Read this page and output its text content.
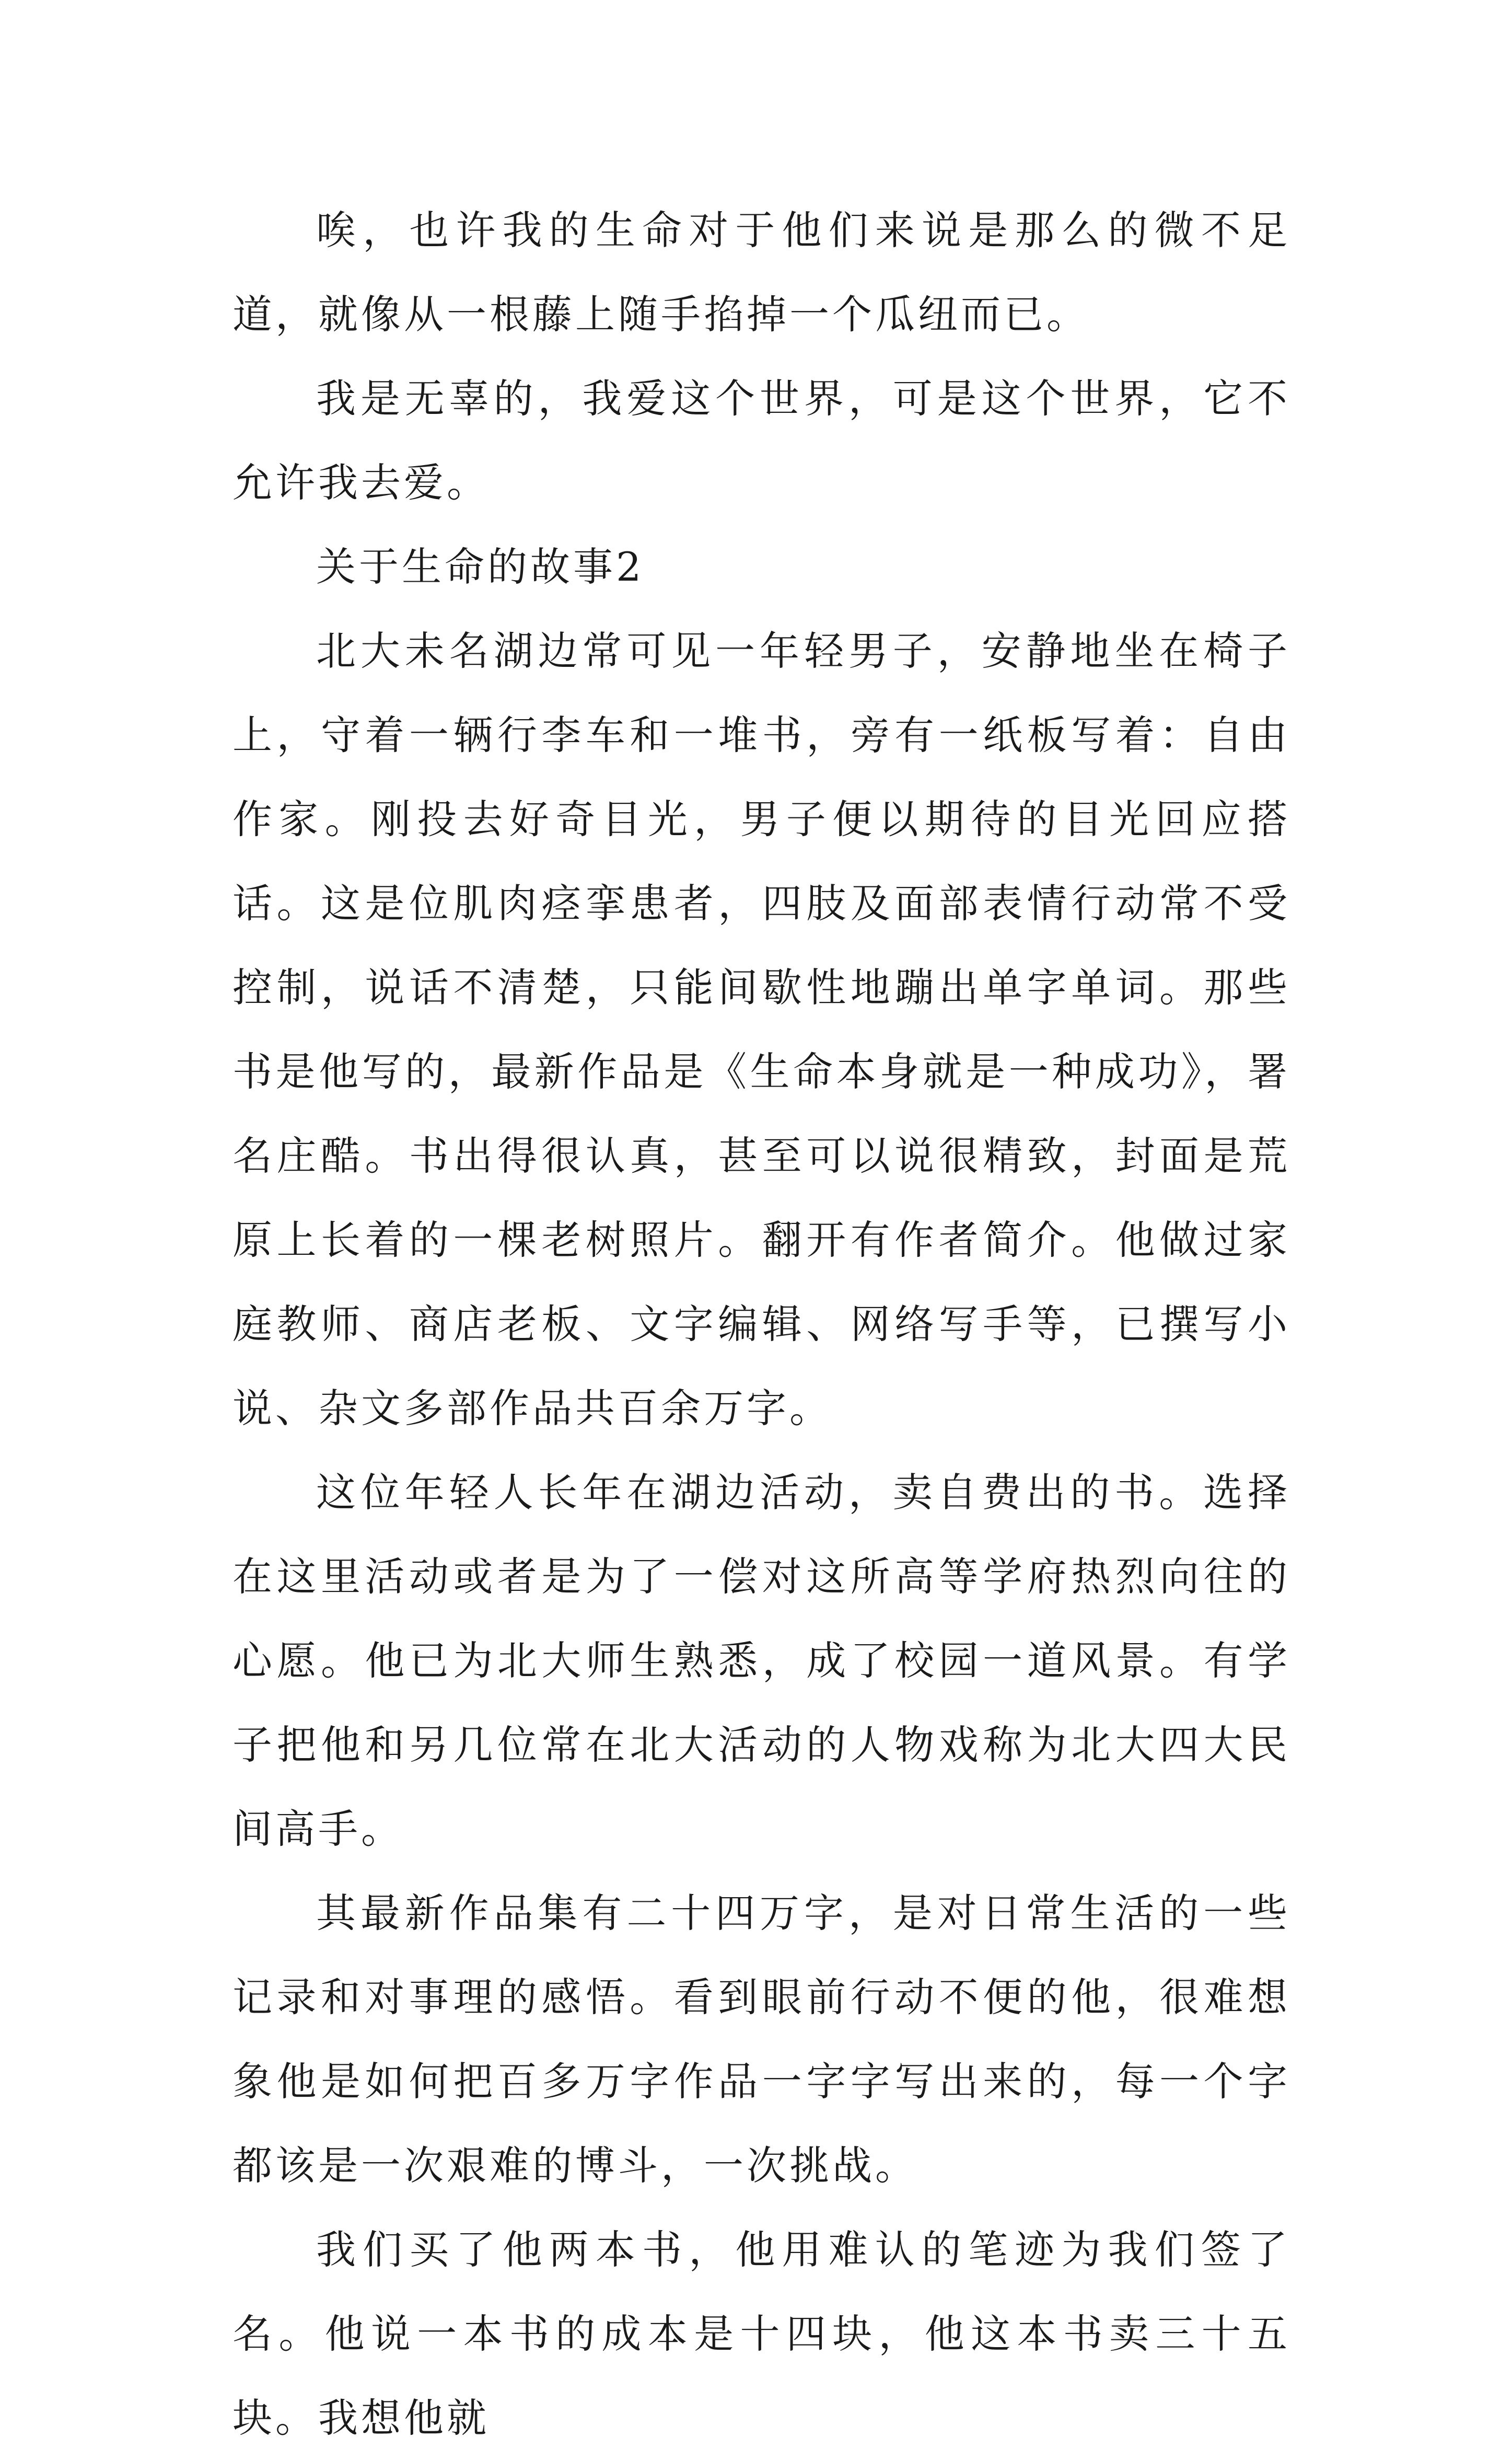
唉，也许我的生命对于他们来说是那么的微不足道，就像从一根藤上随手掐掉一个瓜纽而已。

我是无辜的，我爱这个世界，可是这个世界，它不允许我去爱。

关于生命的故事2

北大未名湖边常可见一年轻男子，安静地坐在椅子上，守着一辆行李车和一堆书，旁有一纸板写着：自由作家。刚投去好奇目光，男子便以期待的目光回应搭话。这是位肌肉痉挛患者，四肢及面部表情行动常不受控制，说话不清楚，只能间歇性地蹦出单字单词。那些书是他写的，最新作品是《生命本身就是一种成功》，署名庄酷。书出得很认真，甚至可以说很精致，封面是荒原上长着的一棵老树照片。翻开有作者简介。他做过家庭教师、商店老板、文字编辑、网络写手等，已撰写小说、杂文多部作品共百余万字。

这位年轻人长年在湖边活动，卖自费出的书。选择在这里活动或者是为了一偿对这所高等学府热烈向往的心愿。他已为北大师生熟悉，成了校园一道风景。有学子把他和另几位常在北大活动的人物戏称为北大四大民间高手。

其最新作品集有二十四万字，是对日常生活的一些记录和对事理的感悟。看到眼前行动不便的他，很难想象他是如何把百多万字作品一字字写出来的，每一个字都该是一次艰难的博斗，一次挑战。

我们买了他两本书，他用难认的笔迹为我们签了名。他说一本书的成本是十四块，他这本书卖三十五块。我想他就
